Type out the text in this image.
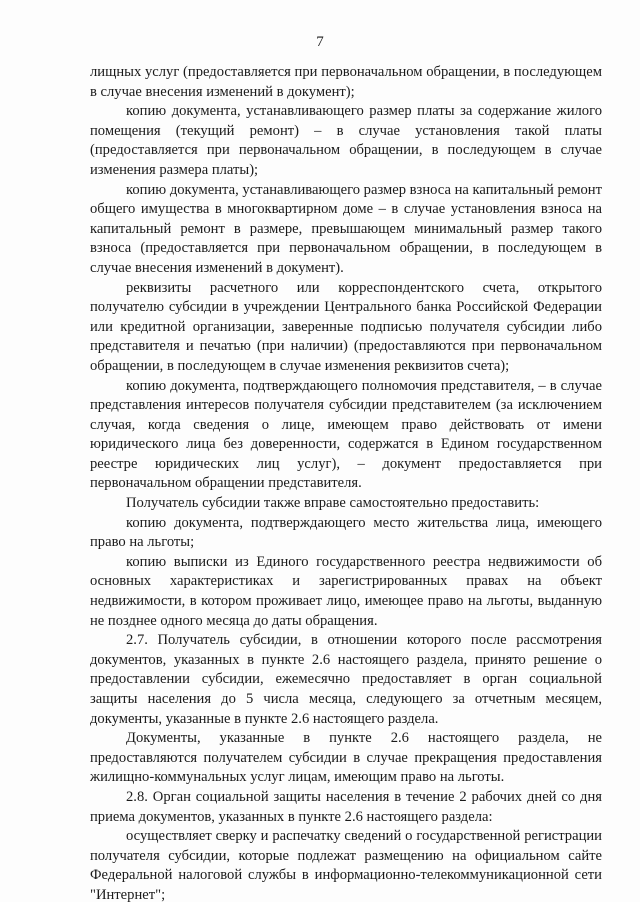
7

лищных услуг (предоставляется при первоначальном обращении, в последующем в случае внесения изменений в документ);

копию документа, устанавливающего размер платы за содержание жилого помещения (текущий ремонт) – в случае установления такой платы (предоставляется при первоначальном обращении, в последующем в случае изменения размера платы);

копию документа, устанавливающего размер взноса на капитальный ремонт общего имущества в многоквартирном доме – в случае установления взноса на капитальный ремонт в размере, превышающем минимальный размер такого взноса (предоставляется при первоначальном обращении, в последующем в случае внесения изменений в документ).

реквизиты расчетного или корреспондентского счета, открытого получателю субсидии в учреждении Центрального банка Российской Федерации или кредитной организации, заверенные подписью получателя субсидии либо представителя и печатью (при наличии) (предоставляются при первоначальном обращении, в последующем в случае изменения реквизитов счета);

копию документа, подтверждающего полномочия представителя, – в случае представления интересов получателя субсидии представителем (за исключением случая, когда сведения о лице, имеющем право действовать от имени юридического лица без доверенности, содержатся в Едином государственном реестре юридических лиц услуг), – документ предоставляется при первоначальном обращении представителя.

Получатель субсидии также вправе самостоятельно предоставить:

копию документа, подтверждающего место жительства лица, имеющего право на льготы;

копию выписки из Единого государственного реестра недвижимости об основных характеристиках и зарегистрированных правах на объект недвижимости, в котором проживает лицо, имеющее право на льготы, выданную не позднее одного месяца до даты обращения.

2.7. Получатель субсидии, в отношении которого после рассмотрения документов, указанных в пункте 2.6 настоящего раздела, принято решение о предоставлении субсидии, ежемесячно предоставляет в орган социальной защиты населения до 5 числа месяца, следующего за отчетным месяцем, документы, указанные в пункте 2.6 настоящего раздела.

Документы, указанные в пункте 2.6 настоящего раздела, не предоставляются получателем субсидии в случае прекращения предоставления жилищно-коммунальных услуг лицам, имеющим право на льготы.

2.8. Орган социальной защиты населения в течение 2 рабочих дней со дня приема документов, указанных в пункте 2.6 настоящего раздела:

осуществляет сверку и распечатку сведений о государственной регистрации получателя субсидии, которые подлежат размещению на официальном сайте Федеральной налоговой службы в информационно-телекоммуникационной сети "Интернет";
